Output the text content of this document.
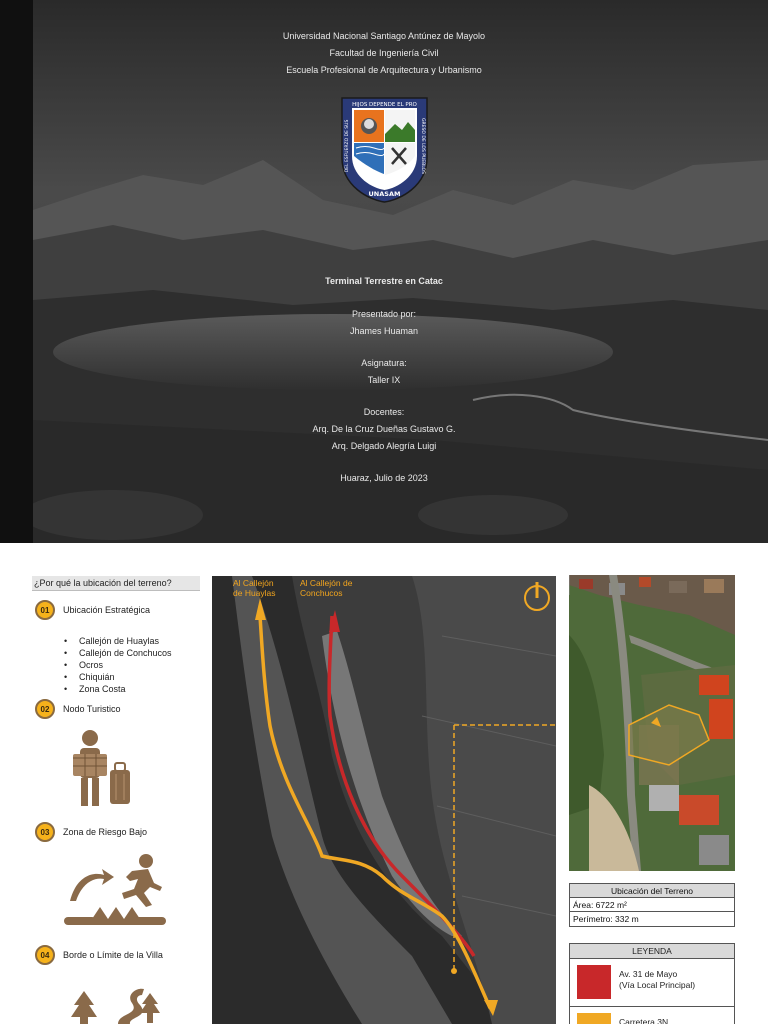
Universidad Nacional Santiago Antúnez de Mayolo
Facultad de Ingeniería Civil
Escuela Profesional de Arquitectura y Urbanismo
HIJOS DEPENDE EL PRO
DEL ESFUERZO DE SUS	GRESO DE LOS PUEBLOS
UNASAM
Terminal Terrestre en Catac
Presentado por:
Jhames Huaman
Asignatura:
Taller IX
Docentes:
Arq. De la Cruz Dueñas Gustavo G.
Arq. Delgado Alegría Luigi
Huaraz, Julio de 2023
¿Por qué la ubicación del terreno?
01	Ubicación Estratégica
• Callejón de Huaylas
• Callejón de Conchucos
• Ocros
• Chiquián
• Zona Costa
02	Nodo Turistico
03	Zona de Riesgo Bajo
04	Borde o Límite de la Villa
Al Callejón
de Huaylas
Al Callejón de
Conchucos
Ubicación del Terreno
Área: 6722 m²
Perímetro: 332 m
LEYENDA
Av. 31 de Mayo
(Vía Local Principal)
Carretera 3N
